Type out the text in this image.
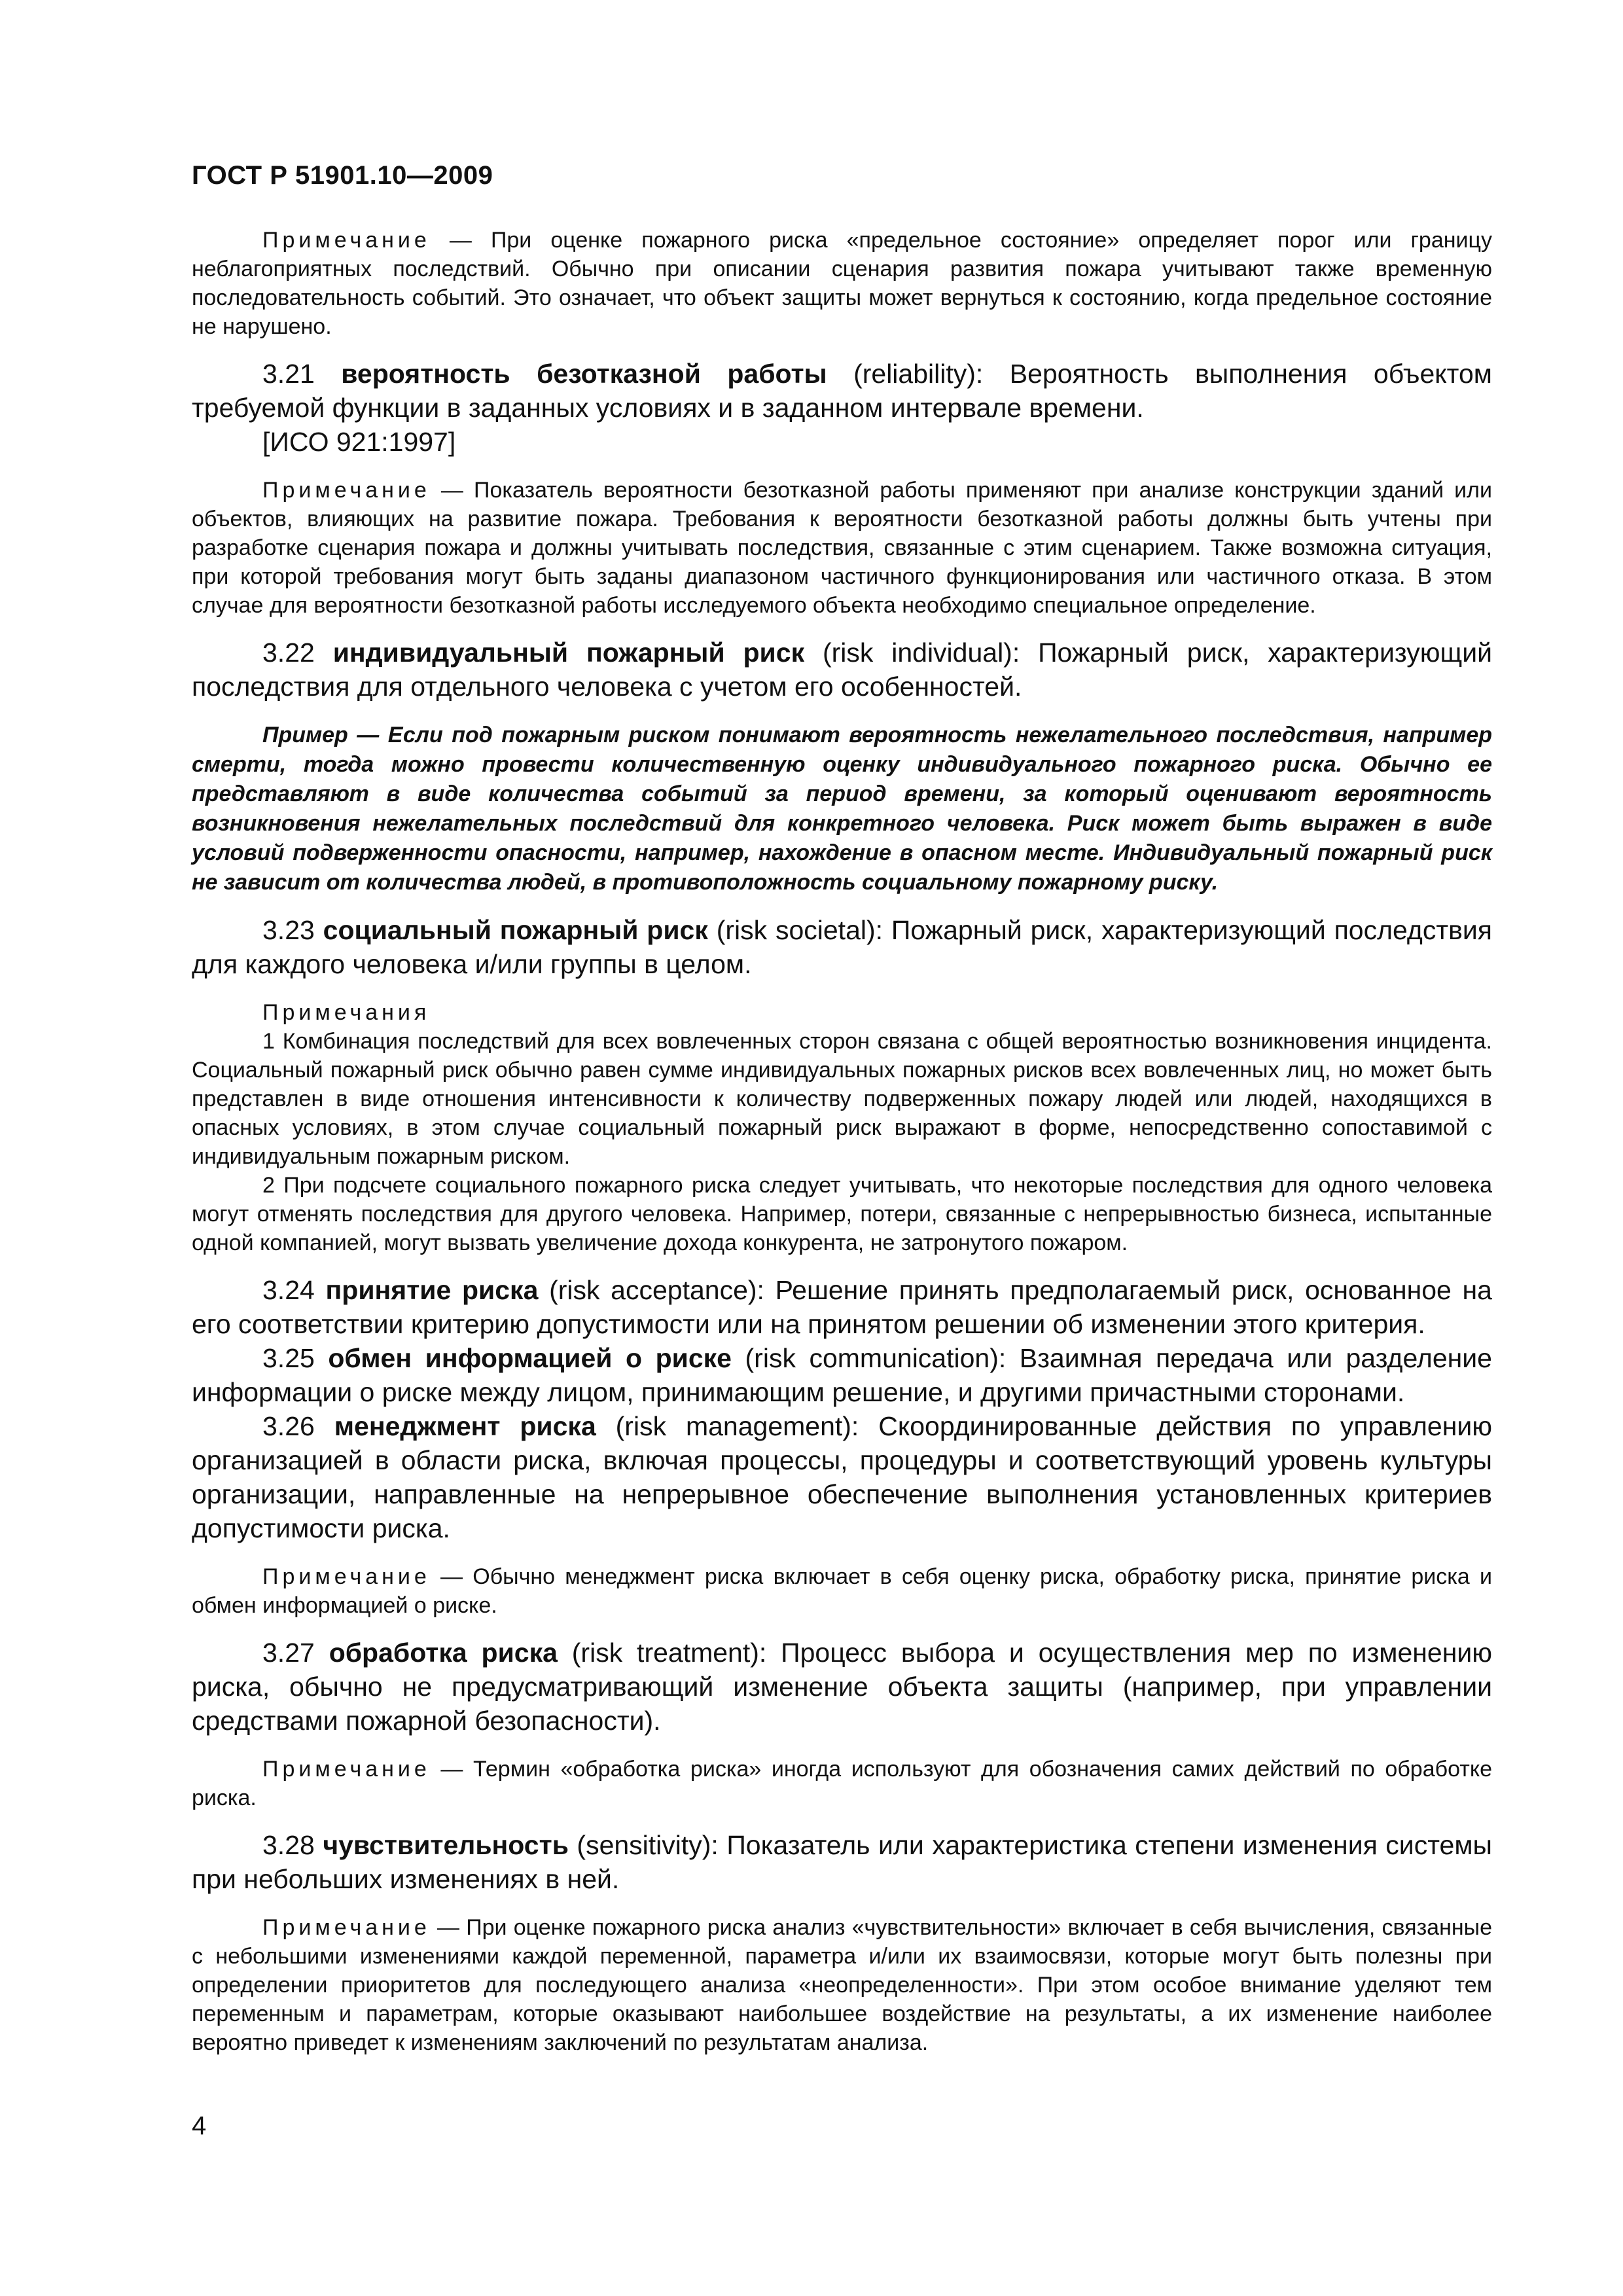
ГОСТ Р 51901.10—2009

Примечание — При оценке пожарного риска «предельное состояние» определяет порог или границу неблагоприятных последствий. Обычно при описании сценария развития пожара учитывают также временную последовательность событий. Это означает, что объект защиты может вернуться к состоянию, когда предельное состояние не нарушено.

3.21 вероятность безотказной работы (reliability): Вероятность выполнения объектом требуемой функции в заданных условиях и в заданном интервале времени.

[ИСО 921:1997]

Примечание — Показатель вероятности безотказной работы применяют при анализе конструкции зданий или объектов, влияющих на развитие пожара. Требования к вероятности безотказной работы должны быть учтены при разработке сценария пожара и должны учитывать последствия, связанные с этим сценарием. Также возможна ситуация, при которой требования могут быть заданы диапазоном частичного функционирования или частичного отказа. В этом случае для вероятности безотказной работы исследуемого объекта необходимо специальное определение.

3.22 индивидуальный пожарный риск (risk individual): Пожарный риск, характеризующий последствия для отдельного человека с учетом его особенностей.

Пример — Если под пожарным риском понимают вероятность нежелательного последствия, например смерти, тогда можно провести количественную оценку индивидуального пожарного риска. Обычно ее представляют в виде количества событий за период времени, за который оценивают вероятность возникновения нежелательных последствий для конкретного человека. Риск может быть выражен в виде условий подверженности опасности, например, нахождение в опасном месте. Индивидуальный пожарный риск не зависит от количества людей, в противоположность социальному пожарному риску.

3.23 социальный пожарный риск (risk societal): Пожарный риск, характеризующий последствия для каждого человека и/или группы в целом.

Примечания

1 Комбинация последствий для всех вовлеченных сторон связана с общей вероятностью возникновения инцидента. Социальный пожарный риск обычно равен сумме индивидуальных пожарных рисков всех вовлеченных лиц, но может быть представлен в виде отношения интенсивности к количеству подверженных пожару людей или людей, находящихся в опасных условиях, в этом случае социальный пожарный риск выражают в форме, непосредственно сопоставимой с индивидуальным пожарным риском.

2 При подсчете социального пожарного риска следует учитывать, что некоторые последствия для одного человека могут отменять последствия для другого человека. Например, потери, связанные с непрерывностью бизнеса, испытанные одной компанией, могут вызвать увеличение дохода конкурента, не затронутого пожаром.

3.24 принятие риска (risk acceptance): Решение принять предполагаемый риск, основанное на его соответствии критерию допустимости или на принятом решении об изменении этого критерия.

3.25 обмен информацией о риске (risk communication): Взаимная передача или разделение информации о риске между лицом, принимающим решение, и другими причастными сторонами.

3.26 менеджмент риска (risk management): Скоординированные действия по управлению организацией в области риска, включая процессы, процедуры и соответствующий уровень культуры организации, направленные на непрерывное обеспечение выполнения установленных критериев допустимости риска.

Примечание — Обычно менеджмент риска включает в себя оценку риска, обработку риска, принятие риска и обмен информацией о риске.

3.27 обработка риска (risk treatment): Процесс выбора и осуществления мер по изменению риска, обычно не предусматривающий изменение объекта защиты (например, при управлении средствами пожарной безопасности).

Примечание — Термин «обработка риска» иногда используют для обозначения самих действий по обработке риска.

3.28 чувствительность (sensitivity): Показатель или характеристика степени изменения системы при небольших изменениях в ней.

Примечание — При оценке пожарного риска анализ «чувствительности» включает в себя вычисления, связанные с небольшими изменениями каждой переменной, параметра и/или их взаимосвязи, которые могут быть полезны при определении приоритетов для последующего анализа «неопределенности». При этом особое внимание уделяют тем переменным и параметрам, которые оказывают наибольшее воздействие на результаты, а их изменение наиболее вероятно приведет к изменениям заключений по результатам анализа.

4
